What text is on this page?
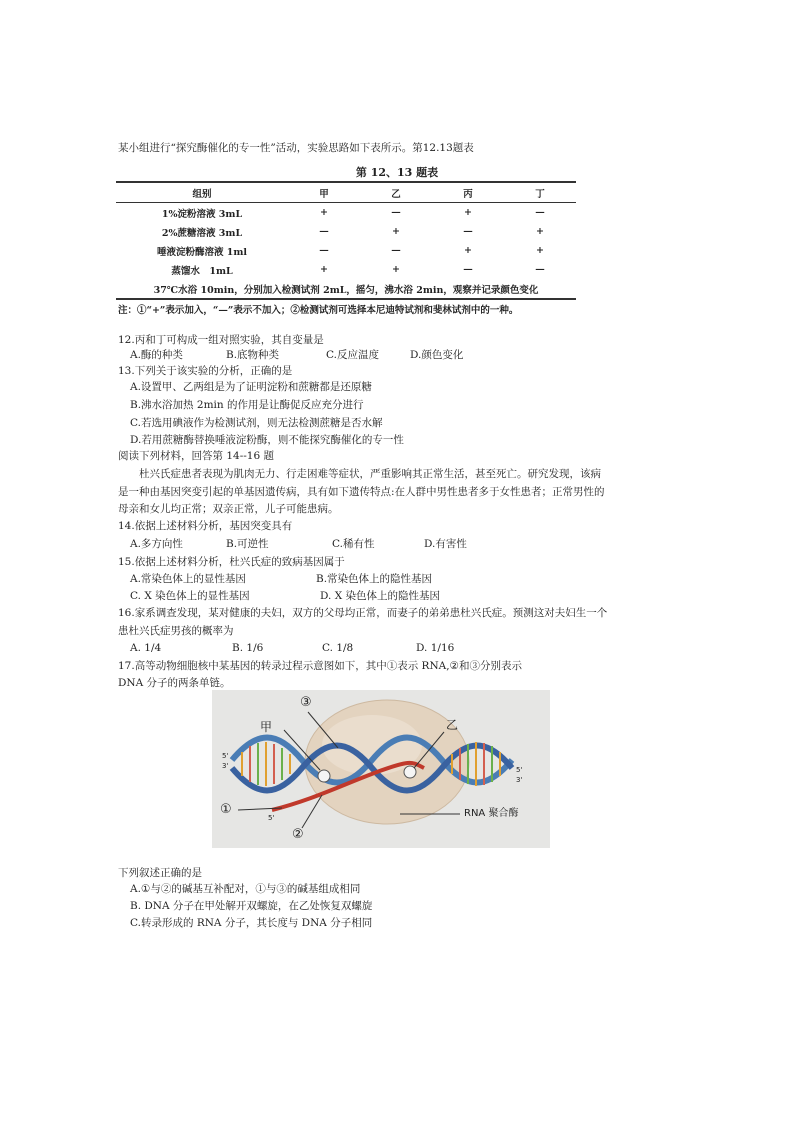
某小组进行“探究酶催化的专一性”活动，实验思路如下表所示。第12.13题表
第 12、13 题表
组别	甲	乙	丙	丁
1%淀粉溶液 3mL	+	—	+	—
2%蔗糖溶液 3mL	—	+	—	+
唾液淀粉酶溶液 1ml	—	—	+	+
蒸馏水　1mL	+	+	—	—
37℃水浴 10min，分别加入检测试剂 2mL，摇匀，沸水浴 2min，观察并记录颜色变化				
注：①“+”表示加入，“—”表示不加入；②检测试剂可选择本尼迪特试剂和斐林试剂中的一种。
12.丙和丁可构成一组对照实验，其自变量是
A.酶的种类	B.底物种类	C.反应温度	D.颜色变化
13.下列关于该实验的分析，正确的是
A.设置甲、乙两组是为了证明淀粉和蔗糖都是还原糖
B.沸水浴加热 2min 的作用是让酶促反应充分进行
C.若选用碘液作为检测试剂，则无法检测蔗糖是否水解
D.若用蔗糖酶替换唾液淀粉酶，则不能探究酶催化的专一性
阅读下列材料，回答第 14--16 题
　　杜兴氏症患者表现为肌肉无力、行走困难等症状，严重影响其正常生活，甚至死亡。研究发现，该病
是一种由基因突变引起的单基因遗传病，具有如下遗传特点:在人群中男性患者多于女性患者；正常男性的
母亲和女儿均正常；双亲正常，儿子可能患病。
14.依据上述材料分析，基因突变具有
A.多方向性	B.可逆性	C.稀有性	D.有害性
15.依据上述材料分析，杜兴氏症的致病基因属于
A.常染色体上的显性基因	B.常染色体上的隐性基因
C. X 染色体上的显性基因	D. X 染色体上的隐性基因
16.家系调查发现，某对健康的夫妇，双方的父母均正常，而妻子的弟弟患杜兴氏症。预测这对夫妇生一个
患杜兴氏症男孩的概率为
A. 1/4	B. 1/6	C. 1/8	D. 1/16
17.高等动物细胞核中某基因的转录过程示意图如下，其中①表示 RNA,②和③分别表示
DNA 分子的两条单链。
甲
③
乙
①
②
RNA 聚合酶
5'
3'	5'
3'
5'
下列叙述正确的是
A.①与②的碱基互补配对，①与③的碱基组成相同
B. DNA 分子在甲处解开双螺旋，在乙处恢复双螺旋
C.转录形成的 RNA 分子，其长度与 DNA 分子相同
